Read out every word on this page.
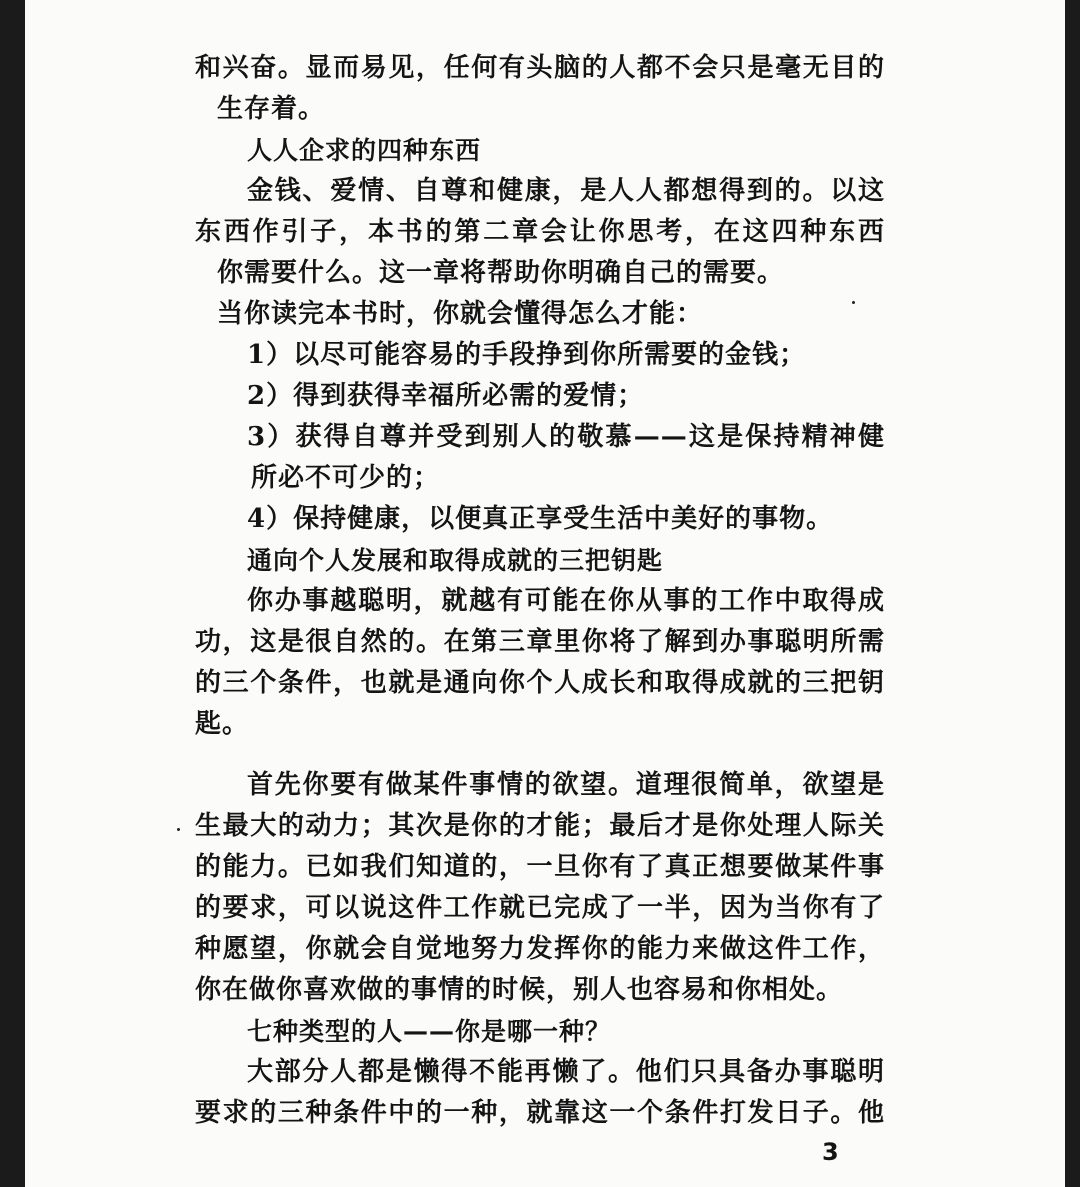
和兴奋。显而易见，任何有头脑的人都不会只是毫无目的
生存着。
人人企求的四种东西
金钱、爱情、自尊和健康，是人人都想得到的。以这
东西作引子，本书的第二章会让你思考，在这四种东西
你需要什么。这一章将帮助你明确自己的需要。
当你读完本书时，你就会懂得怎么才能：
1）以尽可能容易的手段挣到你所需要的金钱；
2）得到获得幸福所必需的爱情；
3）获得自尊并受到别人的敬慕——这是保持精神健
所必不可少的；
4）保持健康，以便真正享受生活中美好的事物。
通向个人发展和取得成就的三把钥匙
你办事越聪明，就越有可能在你从事的工作中取得成
功，这是很自然的。在第三章里你将了解到办事聪明所需
的三个条件，也就是通向你个人成长和取得成就的三把钥
匙。
首先你要有做某件事情的欲望。道理很简单，欲望是
生最大的动力；其次是你的才能；最后才是你处理人际关
的能力。已如我们知道的，一旦你有了真正想要做某件事
的要求，可以说这件工作就已完成了一半，因为当你有了
种愿望，你就会自觉地努力发挥你的能力来做这件工作，
你在做你喜欢做的事情的时候，别人也容易和你相处。
七种类型的人——你是哪一种？
大部分人都是懒得不能再懒了。他们只具备办事聪明
要求的三种条件中的一种，就靠这一个条件打发日子。他
3
